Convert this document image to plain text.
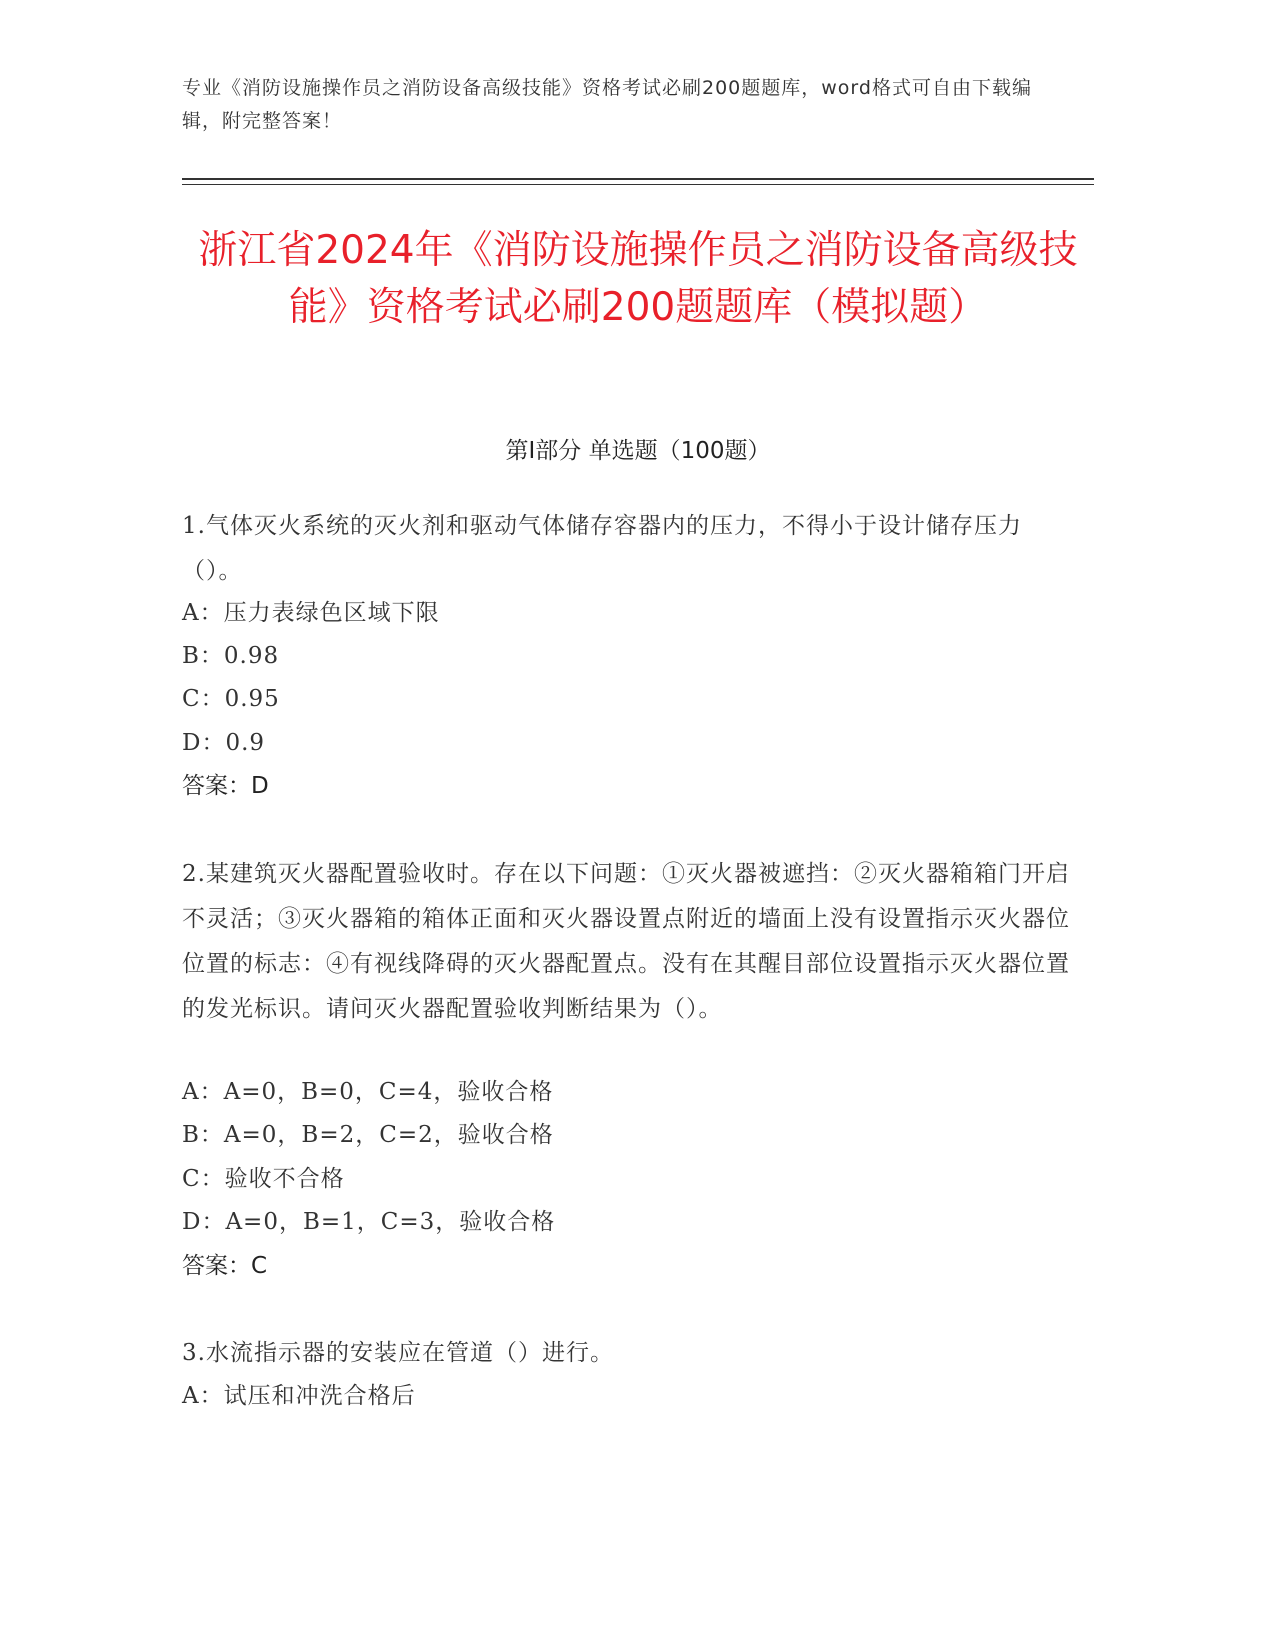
专业《消防设施操作员之消防设备高级技能》资格考试必刷200题题库，word格式可自由下载编辑，附完整答案！
浙江省2024年《消防设施操作员之消防设备高级技能》资格考试必刷200题题库（模拟题）
第Ⅰ部分 单选题（100题）
1.气体灭火系统的灭火剂和驱动气体储存容器内的压力，不得小于设计储存压力（）。
A：压力表绿色区域下限
B：0.98
C：0.95
D：0.9
答案：D
2.某建筑灭火器配置验收时。存在以下问题：①灭火器被遮挡：②灭火器箱箱门开启不灵活；③灭火器箱的箱体正面和灭火器设置点附近的墙面上没有设置指示灭火器位位置的标志：④有视线降碍的灭火器配置点。没有在其醒目部位设置指示灭火器位置的发光标识。请问灭火器配置验收判断结果为（）。
A：A=0，B=0，C=4，验收合格
B：A=0，B=2，C=2，验收合格
C：验收不合格
D：A=0，B=1，C=3，验收合格
答案：C
3.水流指示器的安装应在管道（）进行。
A：试压和冲洗合格后
